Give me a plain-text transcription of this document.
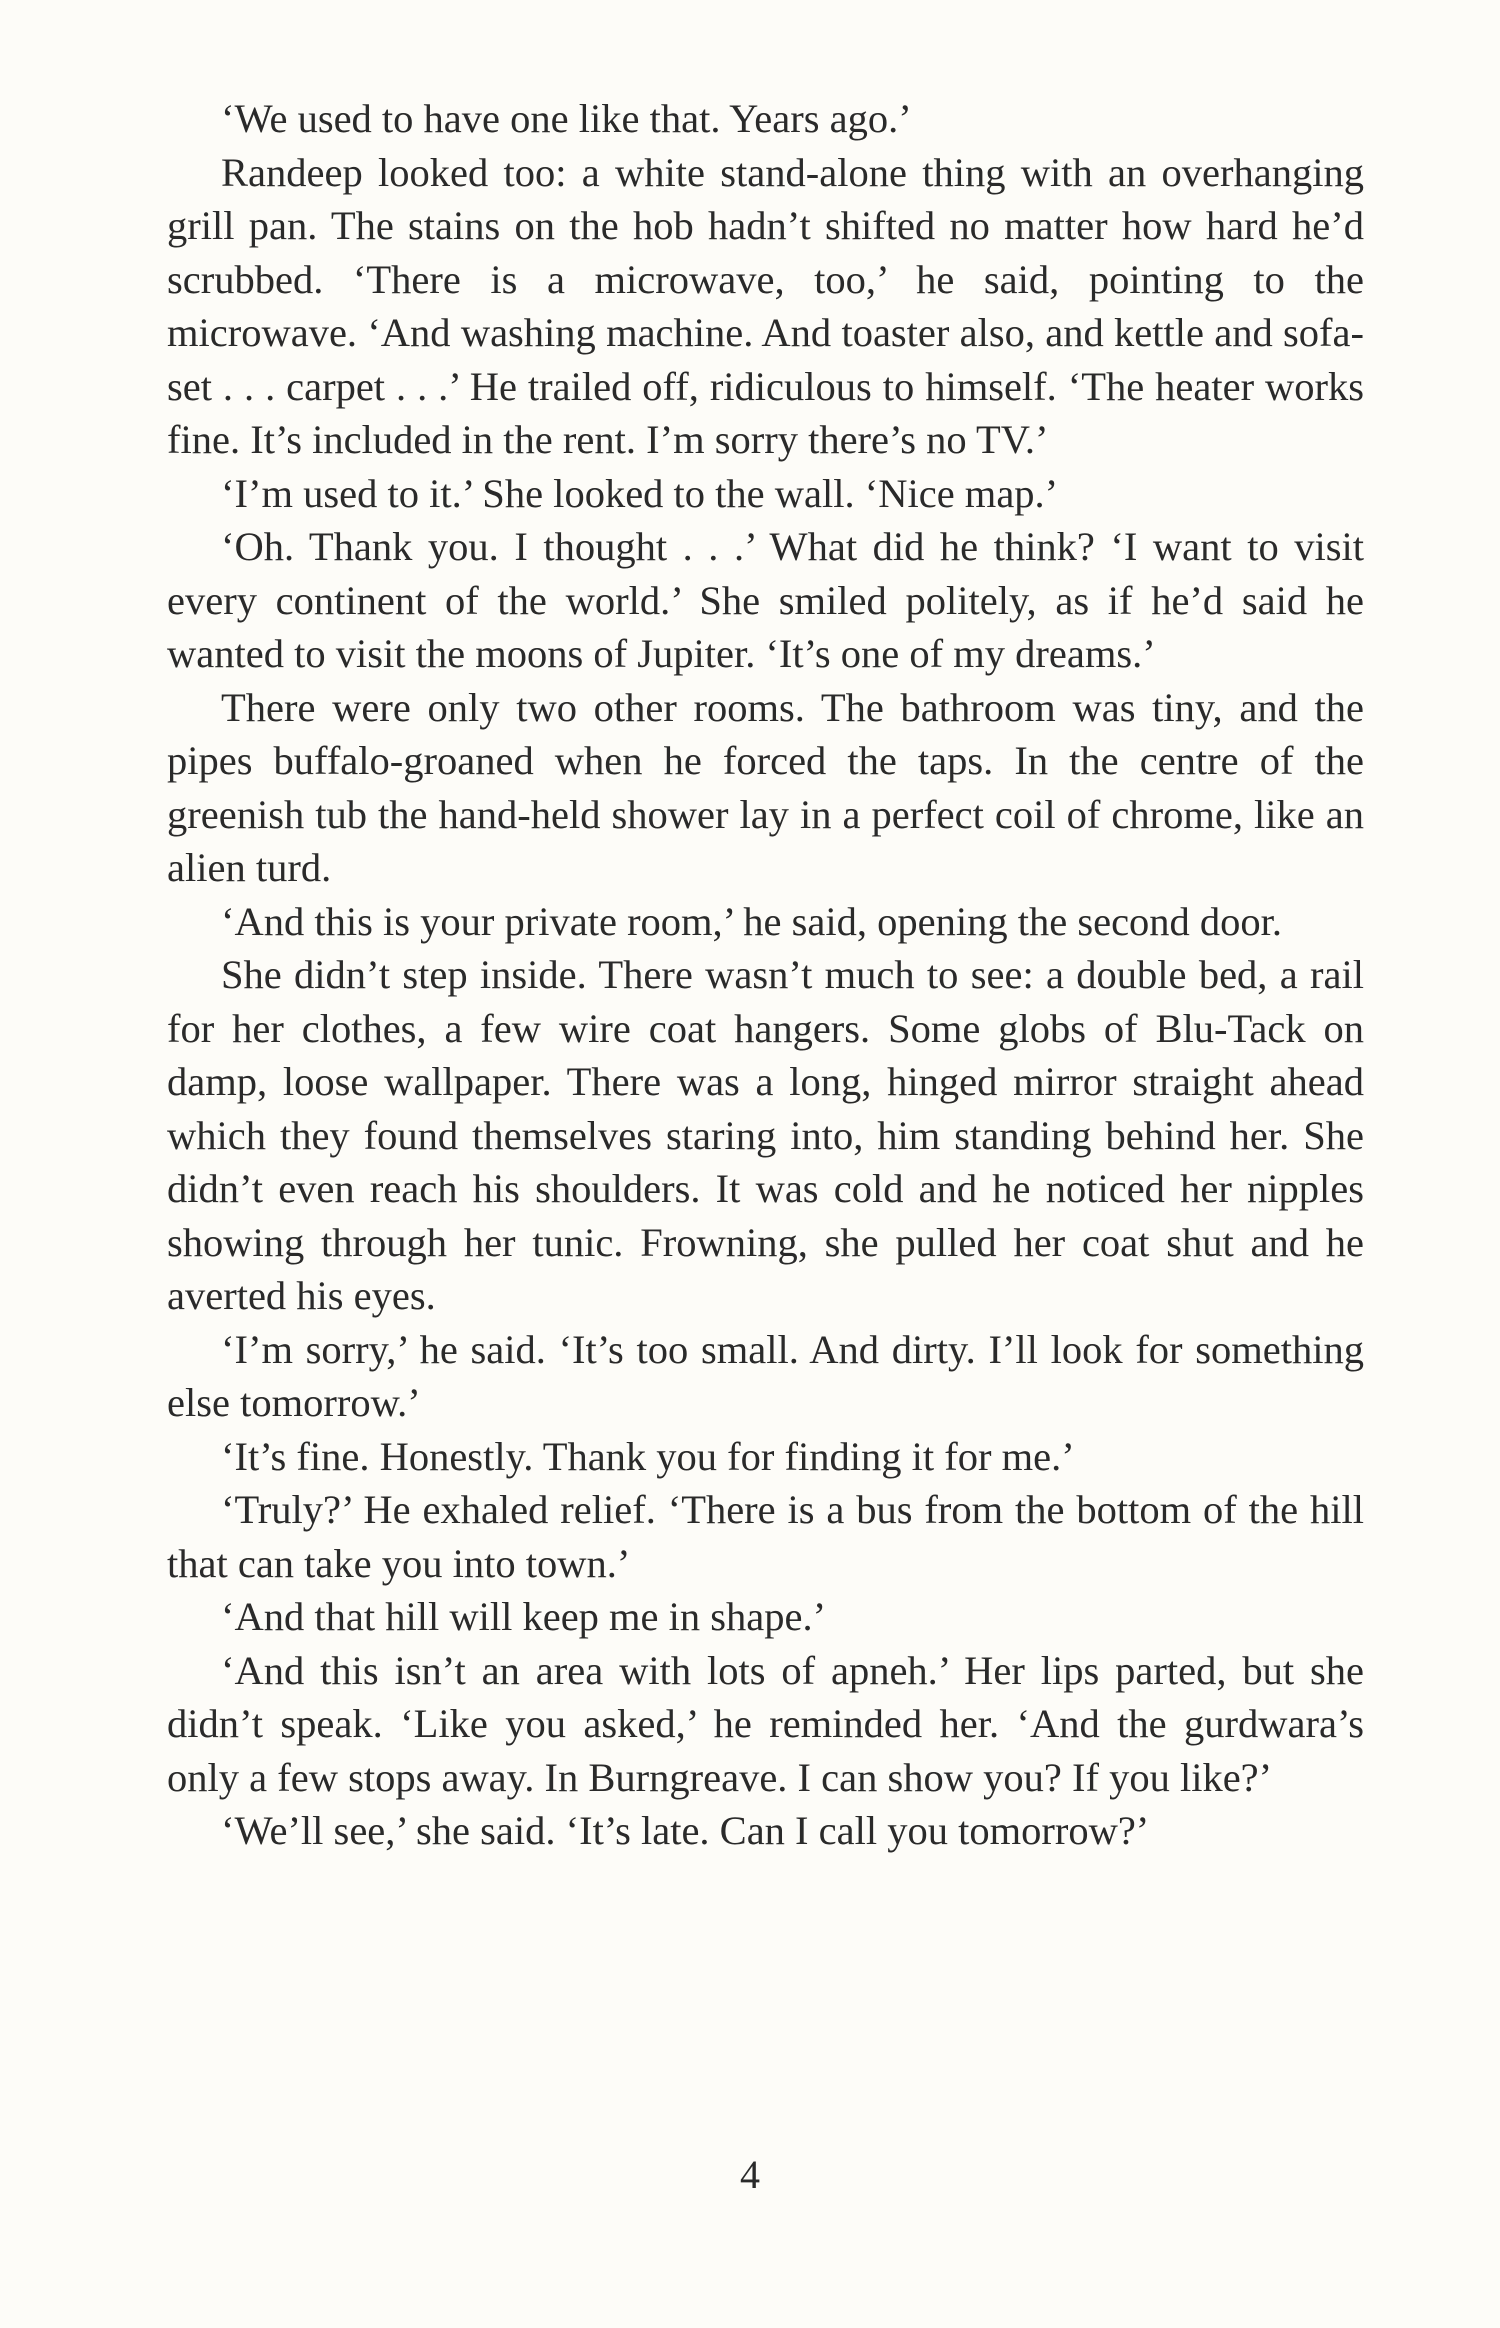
‘We used to have one like that. Years ago.’

Randeep looked too: a white stand-alone thing with an overhanging grill pan. The stains on the hob hadn’t shifted no matter how hard he’d scrubbed. ‘There is a microwave, too,’ he said, pointing to the microwave. ‘And washing machine. And toaster also, and kettle and sofa-set . . . carpet . . .’ He trailed off, ridiculous to himself. ‘The heater works fine. It’s included in the rent. I’m sorry there’s no TV.’

‘I’m used to it.’ She looked to the wall. ‘Nice map.’

‘Oh. Thank you. I thought . . .’ What did he think? ‘I want to visit every continent of the world.’ She smiled politely, as if he’d said he wanted to visit the moons of Jupiter. ‘It’s one of my dreams.’

There were only two other rooms. The bathroom was tiny, and the pipes buffalo-groaned when he forced the taps. In the centre of the greenish tub the hand-held shower lay in a perfect coil of chrome, like an alien turd.

‘And this is your private room,’ he said, opening the second door.

She didn’t step inside. There wasn’t much to see: a double bed, a rail for her clothes, a few wire coat hangers. Some globs of Blu-Tack on damp, loose wallpaper. There was a long, hinged mirror straight ahead which they found themselves staring into, him standing behind her. She didn’t even reach his shoulders. It was cold and he noticed her nipples showing through her tunic. Frowning, she pulled her coat shut and he averted his eyes.

‘I’m sorry,’ he said. ‘It’s too small. And dirty. I’ll look for something else tomorrow.’

‘It’s fine. Honestly. Thank you for finding it for me.’

‘Truly?’ He exhaled relief. ‘There is a bus from the bottom of the hill that can take you into town.’

‘And that hill will keep me in shape.’

‘And this isn’t an area with lots of apneh.’ Her lips parted, but she didn’t speak. ‘Like you asked,’ he reminded her. ‘And the gurdwara’s only a few stops away. In Burngreave. I can show you? If you like?’

‘We’ll see,’ she said. ‘It’s late. Can I call you tomorrow?’

4
